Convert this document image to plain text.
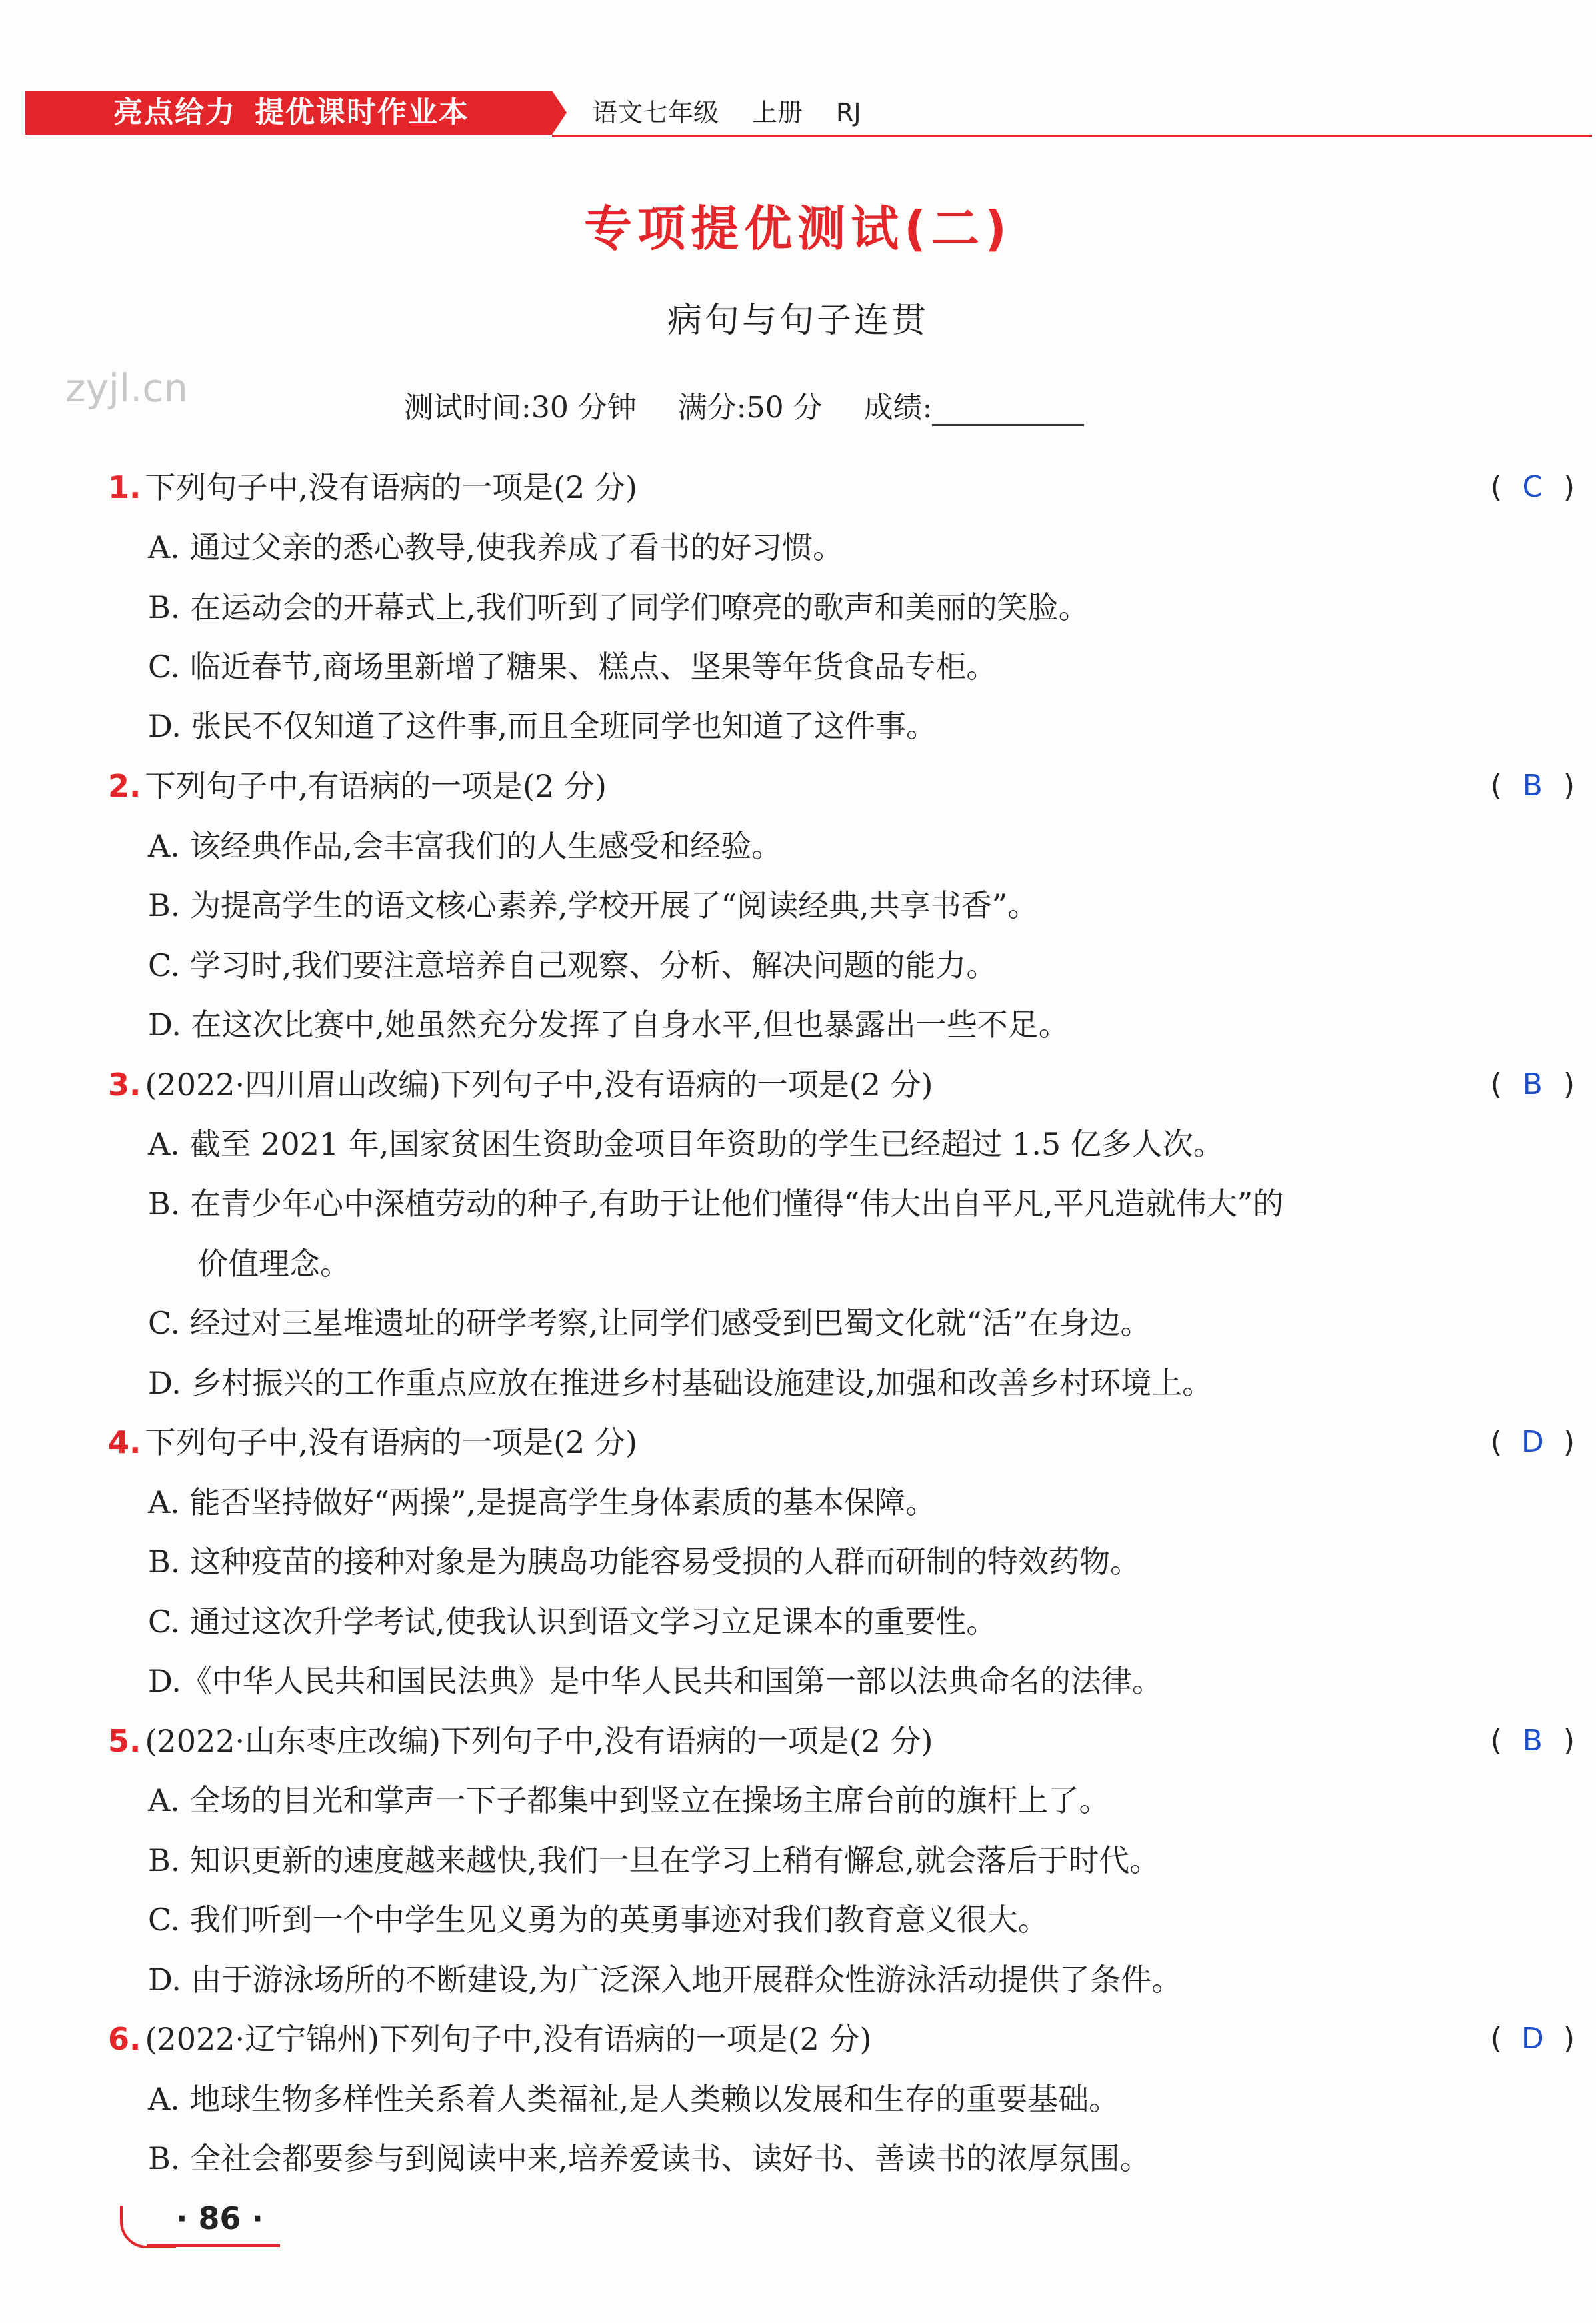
亮点给力 提优课时作业本	语文七年级 上册 RJ
专项提优测试(二)
病句与句子连贯
zyjl.cn	测试时间:30 分钟 满分:50 分 成绩:
1. 下列句子中,没有语病的一项是(2 分)	( C )
A. 通过父亲的悉心教导,使我养成了看书的好习惯。
B. 在运动会的开幕式上,我们听到了同学们嘹亮的歌声和美丽的笑脸。
C. 临近春节,商场里新增了糖果、糕点、坚果等年货食品专柜。
D. 张民不仅知道了这件事,而且全班同学也知道了这件事。
2. 下列句子中,有语病的一项是(2 分)	( B )
A. 该经典作品,会丰富我们的人生感受和经验。
B. 为提高学生的语文核心素养,学校开展了“阅读经典,共享书香”。
C. 学习时,我们要注意培养自己观察、分析、解决问题的能力。
D. 在这次比赛中,她虽然充分发挥了自身水平,但也暴露出一些不足。
3. (2022·四川眉山改编)下列句子中,没有语病的一项是(2 分)	( B )
A. 截至 2021 年,国家贫困生资助金项目年资助的学生已经超过 1.5 亿多人次。
B. 在青少年心中深植劳动的种子,有助于让他们懂得“伟大出自平凡,平凡造就伟大”的
价值理念。
C. 经过对三星堆遗址的研学考察,让同学们感受到巴蜀文化就“活”在身边。
D. 乡村振兴的工作重点应放在推进乡村基础设施建设,加强和改善乡村环境上。
4. 下列句子中,没有语病的一项是(2 分)	( D )
A. 能否坚持做好“两操”,是提高学生身体素质的基本保障。
B. 这种疫苗的接种对象是为胰岛功能容易受损的人群而研制的特效药物。
C. 通过这次升学考试,使我认识到语文学习立足课本的重要性。
D.《中华人民共和国民法典》是中华人民共和国第一部以法典命名的法律。
5. (2022·山东枣庄改编)下列句子中,没有语病的一项是(2 分)	( B )
A. 全场的目光和掌声一下子都集中到竖立在操场主席台前的旗杆上了。
B. 知识更新的速度越来越快,我们一旦在学习上稍有懈怠,就会落后于时代。
C. 我们听到一个中学生见义勇为的英勇事迹对我们教育意义很大。
D. 由于游泳场所的不断建设,为广泛深入地开展群众性游泳活动提供了条件。
6. (2022·辽宁锦州)下列句子中,没有语病的一项是(2 分)	( D )
A. 地球生物多样性关系着人类福祉,是人类赖以发展和生存的重要基础。
B. 全社会都要参与到阅读中来,培养爱读书、读好书、善读书的浓厚氛围。
· 86 ·
